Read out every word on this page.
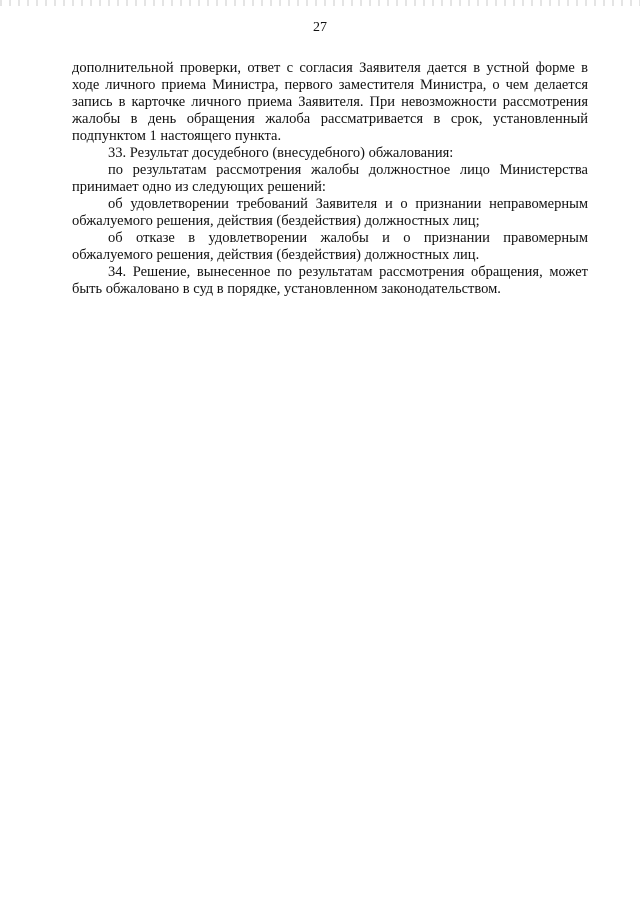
27

дополнительной проверки, ответ с согласия Заявителя дается в устной форме в ходе личного приема Министра, первого заместителя Министра, о чем делается запись в карточке личного приема Заявителя. При невозможности рассмотрения жалобы в день обращения жалоба рассматривается в срок, установленный подпунктом 1 настоящего пункта.

33. Результат досудебного (внесудебного) обжалования:

по результатам рассмотрения жалобы должностное лицо Министерства принимает одно из следующих решений:

об удовлетворении требований Заявителя и о признании неправомерным обжалуемого решения, действия (бездействия) должностных лиц;

об отказе в удовлетворении жалобы и о признании правомерным обжалуемого решения, действия (бездействия) должностных лиц.

34. Решение, вынесенное по результатам рассмотрения обращения, может быть обжаловано в суд в порядке, установленном законодательством.
